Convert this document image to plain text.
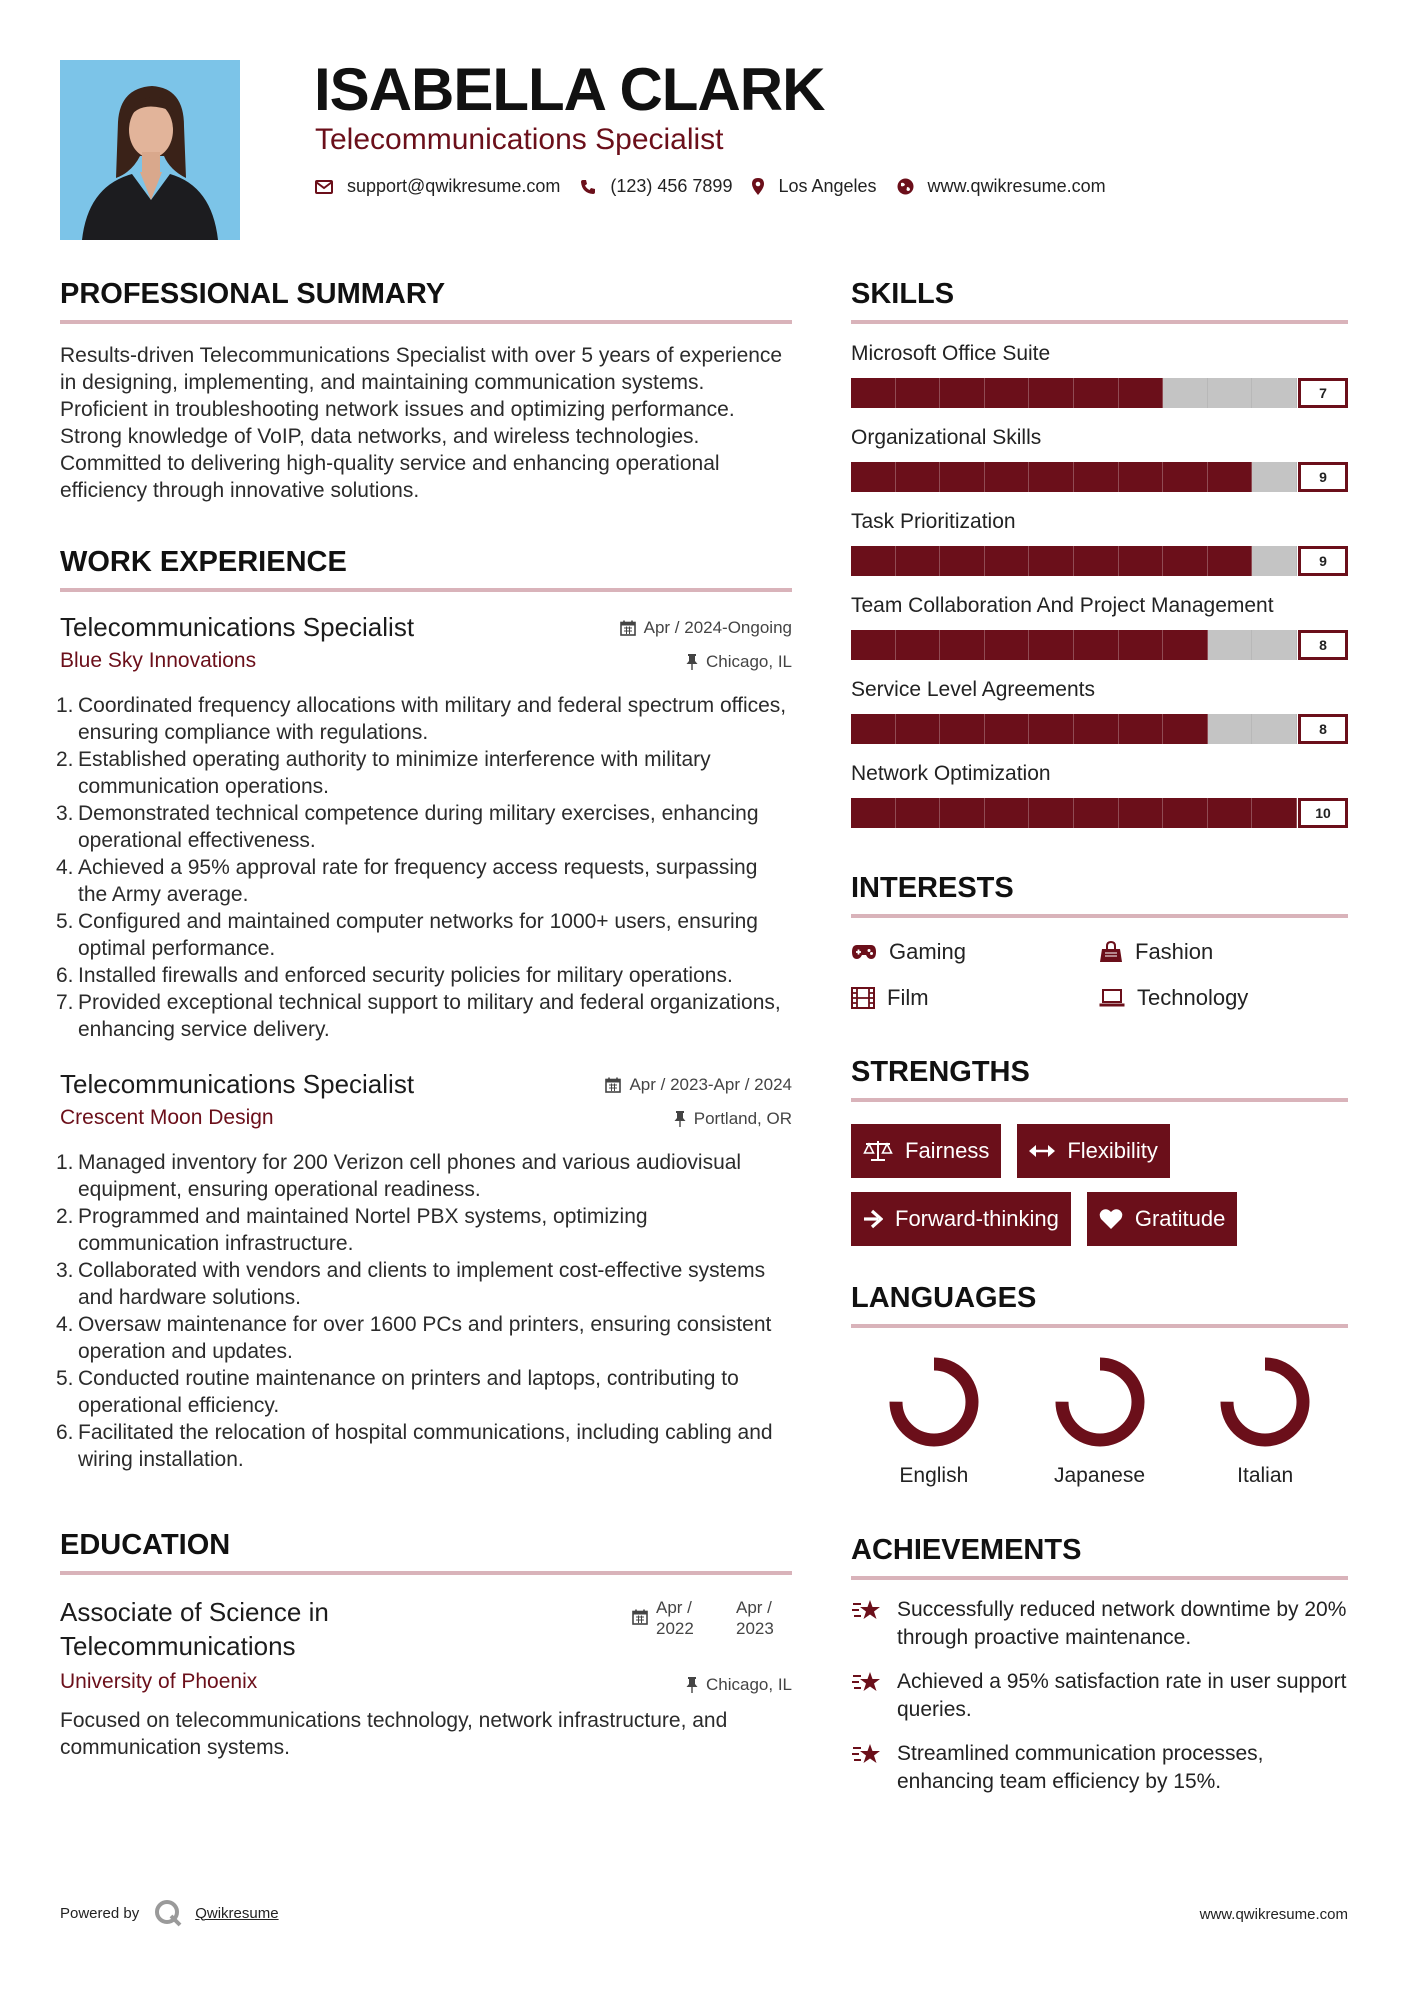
ISABELLA CLARK
Telecommunications Specialist
support@qwikresume.com	(123) 456 7899	Los Angeles	www.qwikresume.com
PROFESSIONAL SUMMARY

Results-driven Telecommunications Specialist with over 5 years of experience in designing, implementing, and maintaining communication systems. Proficient in troubleshooting network issues and optimizing performance. Strong knowledge of VoIP, data networks, and wireless technologies. Committed to delivering high-quality service and enhancing operational efficiency through innovative solutions.

WORK EXPERIENCE
Apr / 2024-Ongoing
Chicago, IL
Telecommunications Specialist
Blue Sky Innovations
1. Coordinated frequency allocations with military and federal spectrum offices, ensuring compliance with regulations.
2. Established operating authority to minimize interference with military communication operations.
3. Demonstrated technical competence during military exercises, enhancing operational effectiveness.
4. Achieved a 95% approval rate for frequency access requests, surpassing the Army average.
5. Configured and maintained computer networks for 1000+ users, ensuring optimal performance.
6. Installed firewalls and enforced security policies for military operations.
7. Provided exceptional technical support to military and federal organizations, enhancing service delivery.
Apr / 2023-Apr / 2024
Portland, OR
Telecommunications Specialist
Crescent Moon Design
1. Managed inventory for 200 Verizon cell phones and various audiovisual equipment, ensuring operational readiness.
2. Programmed and maintained Nortel PBX systems, optimizing communication infrastructure.
3. Collaborated with vendors and clients to implement cost-effective systems and hardware solutions.
4. Oversaw maintenance for over 1600 PCs and printers, ensuring consistent operation and updates.
5. Conducted routine maintenance on printers and laptops, contributing to operational efficiency.
6. Facilitated the relocation of hospital communications, including cabling and wiring installation.
EDUCATION
Apr /
2022
Apr /
2023
Chicago, IL
Associate of Science in
Telecommunications
University of Phoenix

Focused on telecommunications technology, network infrastructure, and communication systems.

SKILLS
Microsoft Office Suite
7
Organizational Skills
9
Task Prioritization
9
Team Collaboration And Project Management
8
Service Level Agreements
8
Network Optimization
10
INTERESTS
Gaming	Fashion
Film	Technology
STRENGTHS
Fairness	Flexibility
Forward-thinking	Gratitude
LANGUAGES
English	Japanese	Italian
ACHIEVEMENTS
Successfully reduced network downtime by 20% through proactive maintenance.
Achieved a 95% satisfaction rate in user support queries.
Streamlined communication processes, enhancing team efficiency by 15%.
Powered by	Qwikresume	www.qwikresume.com
